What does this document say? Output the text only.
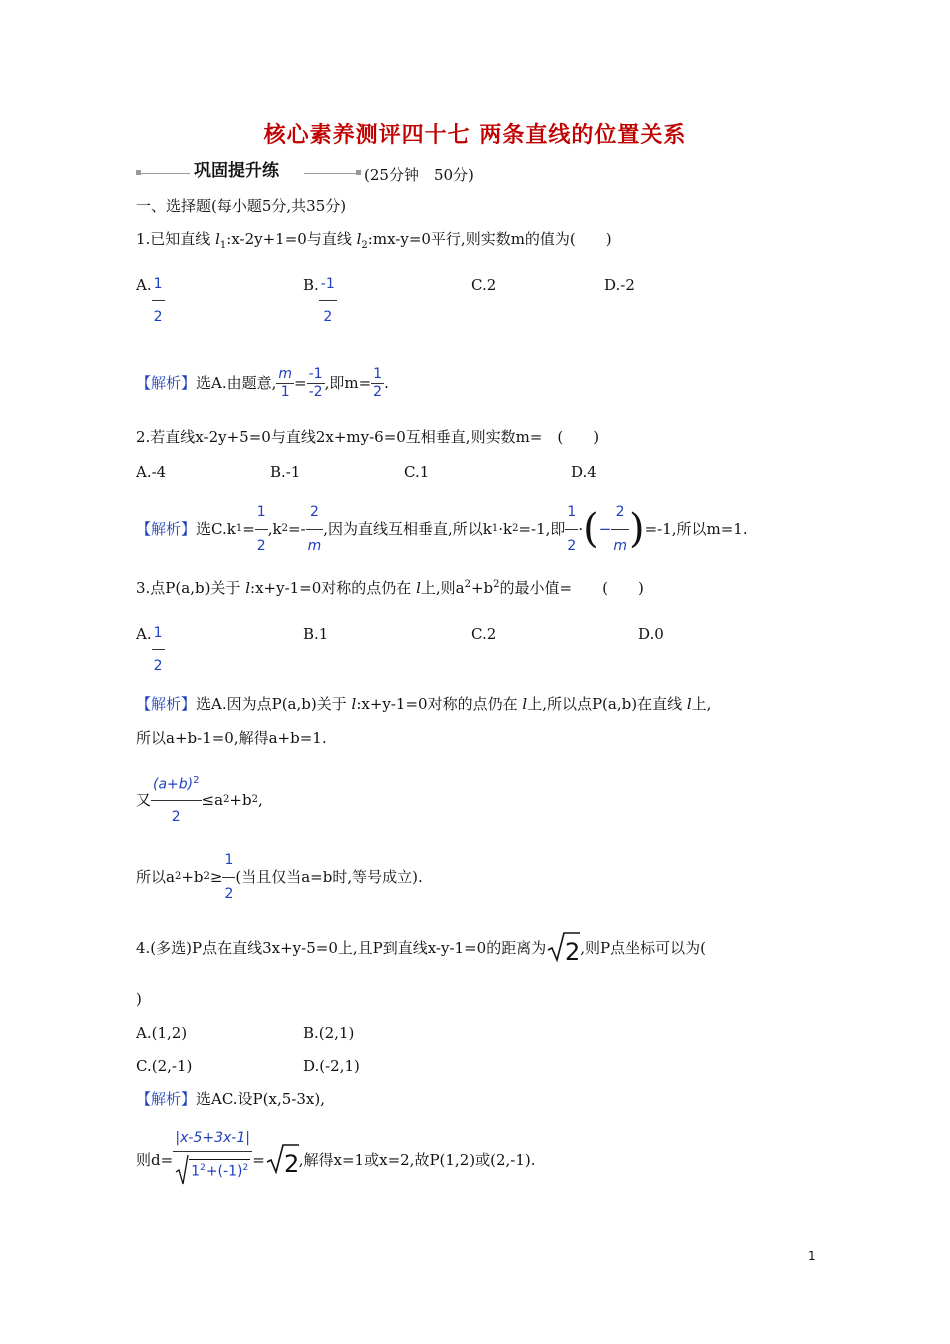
核心素养测评四十七 两条直线的位置关系
巩固提升练	(25分钟　50分)
一、选择题(每小题5分,共35分)
1.已知直线 $l_1:x-2y+1=0$与直线 $l_2:mx-y=0$平行,则实数m的值为(　　)
A. $\frac{1}{2}$	B. $\frac{-1}{2}$	C.2	D.-2
【解析】 选A.由题意, $\frac{m}{1} = \frac{-1}{-2}$ ,即$m= \frac{1}{2}$ .
2.若直线x-2y+5=0与直线2x+my-6=0互相垂直,则实数m=　(　　)
A.-4	B.-1	C.1	D.4
【解析】 选C.k $1 = \frac{1}{2} ,k$ $2 =- \frac{2}{m}$ ,因为直线互相垂直,所以k 1 ·k 2 =-1,即 $\frac{1}{2}$ · ( − $\frac{2}{m}$ ) =-1,所以m=1.
3.点P(a,b)关于 l:x+y-1=0对称的点仍在 l上,则$a^2+b^2$的最小值=　　(　　)
A. $\frac{1}{2}$	B.1	C.2	D.0
【解析】选A.因为点P(a,b)关于 l:x+y-1=0对称的点仍在 l上,所以点P(a,b)在直线 l上,
所以a+b-1=0,解得a+b=1.
又 $\frac{(a+b)^2}{2} \le a$ 2 +b 2 ,
所以a 2 +b $2 \ge \frac{1}{2}$ (当且仅当a=b时,等号成立).
4.(多选)P点在直线3x+y-5=0上,且P到直线x-y-1=0的距离为 2 ,则P点坐标可以为(
)
A.(1,2)	B.(2,1)
C.(2,-1)	D.(-2,1)
【解析】选AC.设P(x,5-3x),
则$d= \frac{|x-5+3x-1|}{1^2+(-1)^2} = 2$ ,解得x=1或x=2,故P(1,2)或(2,-1).
1
